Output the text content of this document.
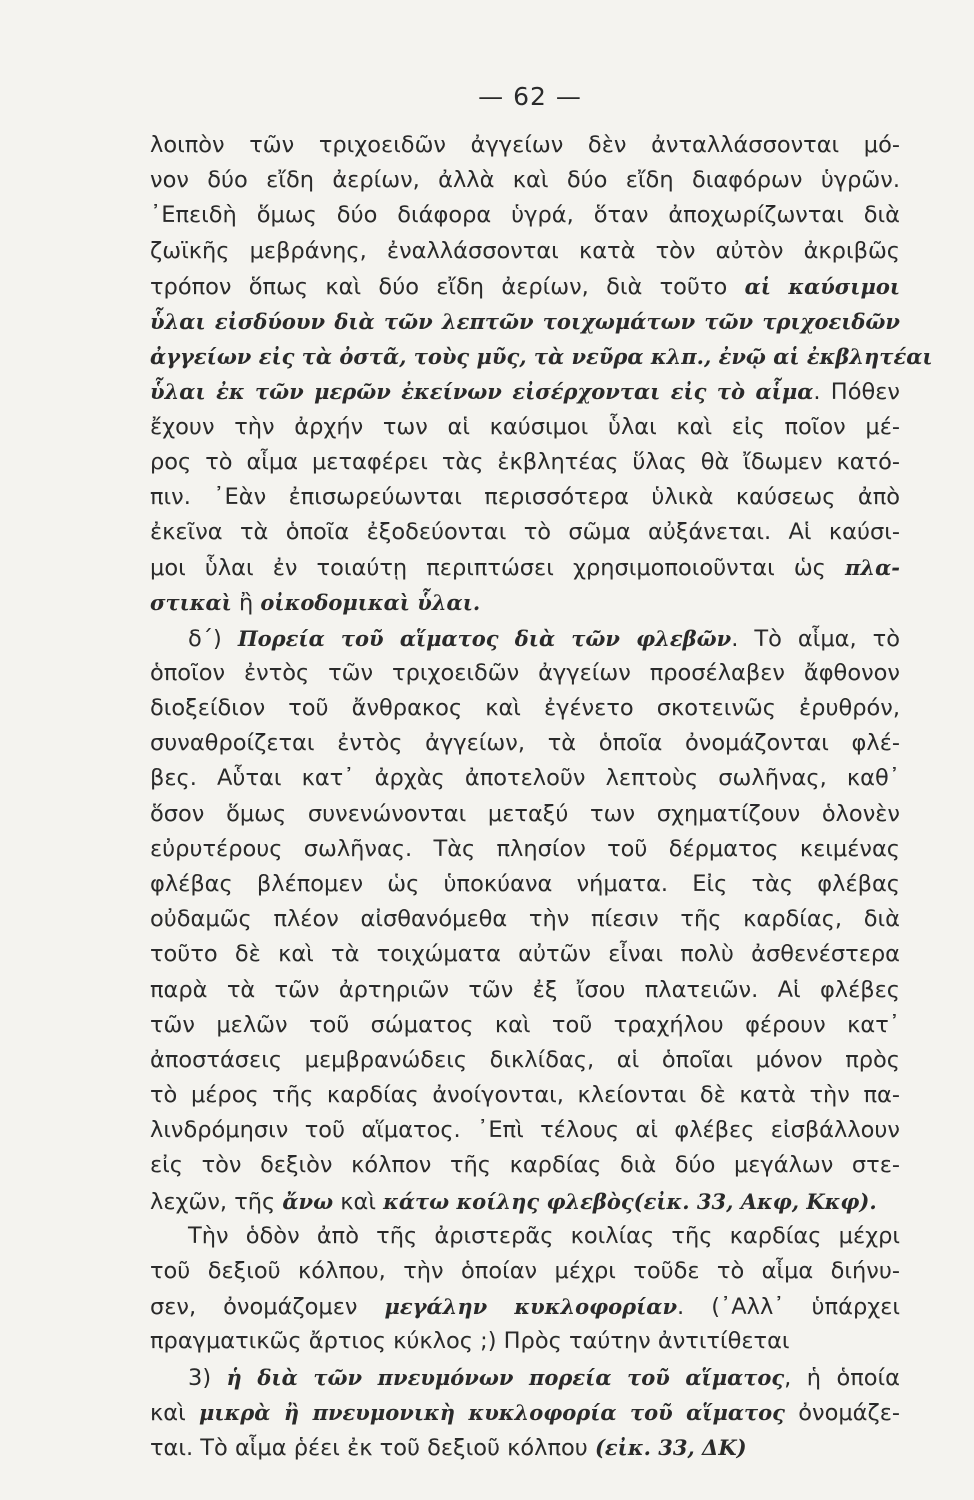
— 62 —
λοιπὸν τῶν τριχοειδῶν ἀγγείων δὲν ἀνταλλάσσονται μό-
νον δύο εἴδη ἀερίων, ἀλλὰ καὶ δύο εἴδη διαφόρων ὑγρῶν.
᾿Επειδὴ ὅμως δύο διάφορα ὑγρά, ὅταν ἀποχωρίζωνται διὰ
ζωϊκῆς μεβράνης, ἐναλλάσσονται κατὰ τὸν αὐτὸν ἀκριβῶς
τρόπον ὅπως καὶ δύο εἴδη ἀερίων, διὰ τοῦτο αἱ καύσιμοι
ὗλαι εἰσδύουν διὰ τῶν λεπτῶν τοιχωμάτων τῶν τριχοειδῶν
ἀγγείων εἰς τὰ ὀστᾶ, τοὺς μῦς, τὰ νεῦρα κλπ., ἐνῷ αἱ ἐκβλητέαι
ὗλαι ἐκ τῶν μερῶν ἐκείνων εἰσέρχονται εἰς τὸ αἷμα. Πόθεν
ἔχουν τὴν ἀρχήν των αἱ καύσιμοι ὗλαι καὶ εἰς ποῖον μέ-
ρος τὸ αἷμα μεταφέρει τὰς ἐκβλητέας ὕλας θὰ ἴδωμεν κατό-
πιν. ᾿Εὰν ἐπισωρεύωνται περισσότερα ὑλικὰ καύσεως ἀπὸ
ἐκεῖνα τὰ ὁποῖα ἐξοδεύονται τὸ σῶμα αὐξάνεται. Αἱ καύσι-
μοι ὗλαι ἐν τοιαύτῃ περιπτώσει χρησιμοποιοῦνται ὡς πλα-
στικαὶ ἢ οἰκοδομικαὶ ὗλαι.
δ΄) Πορεία τοῦ αἵματος διὰ τῶν φλεβῶν. Τὸ αἷμα, τὸ
ὁποῖον ἐντὸς τῶν τριχοειδῶν ἀγγείων προσέλαβεν ἄφθονον
διοξείδιον τοῦ ἄνθρακος καὶ ἐγένετο σκοτεινῶς ἐρυθρόν,
συναθροίζεται ἐντὸς ἀγγείων, τὰ ὁποῖα ὀνομάζονται φλέ-
βες. Αὗται κατ᾿ ἀρχὰς ἀποτελοῦν λεπτοὺς σωλῆνας, καθ᾿
ὅσον ὅμως συνενώνονται μεταξύ των σχηματίζουν ὁλονὲν
εὐρυτέρους σωλῆνας. Τὰς πλησίον τοῦ δέρματος κειμένας
φλέβας βλέπομεν ὡς ὑποκύανα νήματα. Εἰς τὰς φλέβας
οὐδαμῶς πλέον αἰσθανόμεθα τὴν πίεσιν τῆς καρδίας, διὰ
τοῦτο δὲ καὶ τὰ τοιχώματα αὐτῶν εἶναι πολὺ ἀσθενέστερα
παρὰ τὰ τῶν ἀρτηριῶν τῶν ἐξ ἴσου πλατειῶν. Αἱ φλέβες
τῶν μελῶν τοῦ σώματος καὶ τοῦ τραχήλου φέρουν κατ᾿
ἀποστάσεις μεμβρανώδεις δικλίδας, αἱ ὁποῖαι μόνον πρὸς
τὸ μέρος τῆς καρδίας ἀνοίγονται, κλείονται δὲ κατὰ τὴν πα-
λινδρόμησιν τοῦ αἵματος. ᾿Επὶ τέλους αἱ φλέβες εἰσβάλλουν
εἰς τὸν δεξιὸν κόλπον τῆς καρδίας διὰ δύο μεγάλων στε-
λεχῶν, τῆς ἄνω καὶ κάτω κοίλης φλεβὸς(εἰκ. 33, Ακφ, Κκφ).
Τὴν ὁδὸν ἀπὸ τῆς ἀριστερᾶς κοιλίας τῆς καρδίας μέχρι
τοῦ δεξιοῦ κόλπου, τὴν ὁποίαν μέχρι τοῦδε τὸ αἷμα διήνυ-
σεν, ὀνομάζομεν μεγάλην κυκλοφορίαν. (᾿Αλλ᾿ ὑπάρχει
πραγματικῶς ἄρτιος κύκλος ;) Πρὸς ταύτην ἀντιτίθεται
3) ἡ διὰ τῶν πνευμόνων πορεία τοῦ αἵματος, ἡ ὁποία
καὶ μικρὰ ἢ πνευμονικὴ κυκλοφορία τοῦ αἵματος ὀνομάζε-
ται. Τὸ αἷμα ῥέει ἐκ τοῦ δεξιοῦ κόλπου (εἰκ. 33, ΔΚ)
